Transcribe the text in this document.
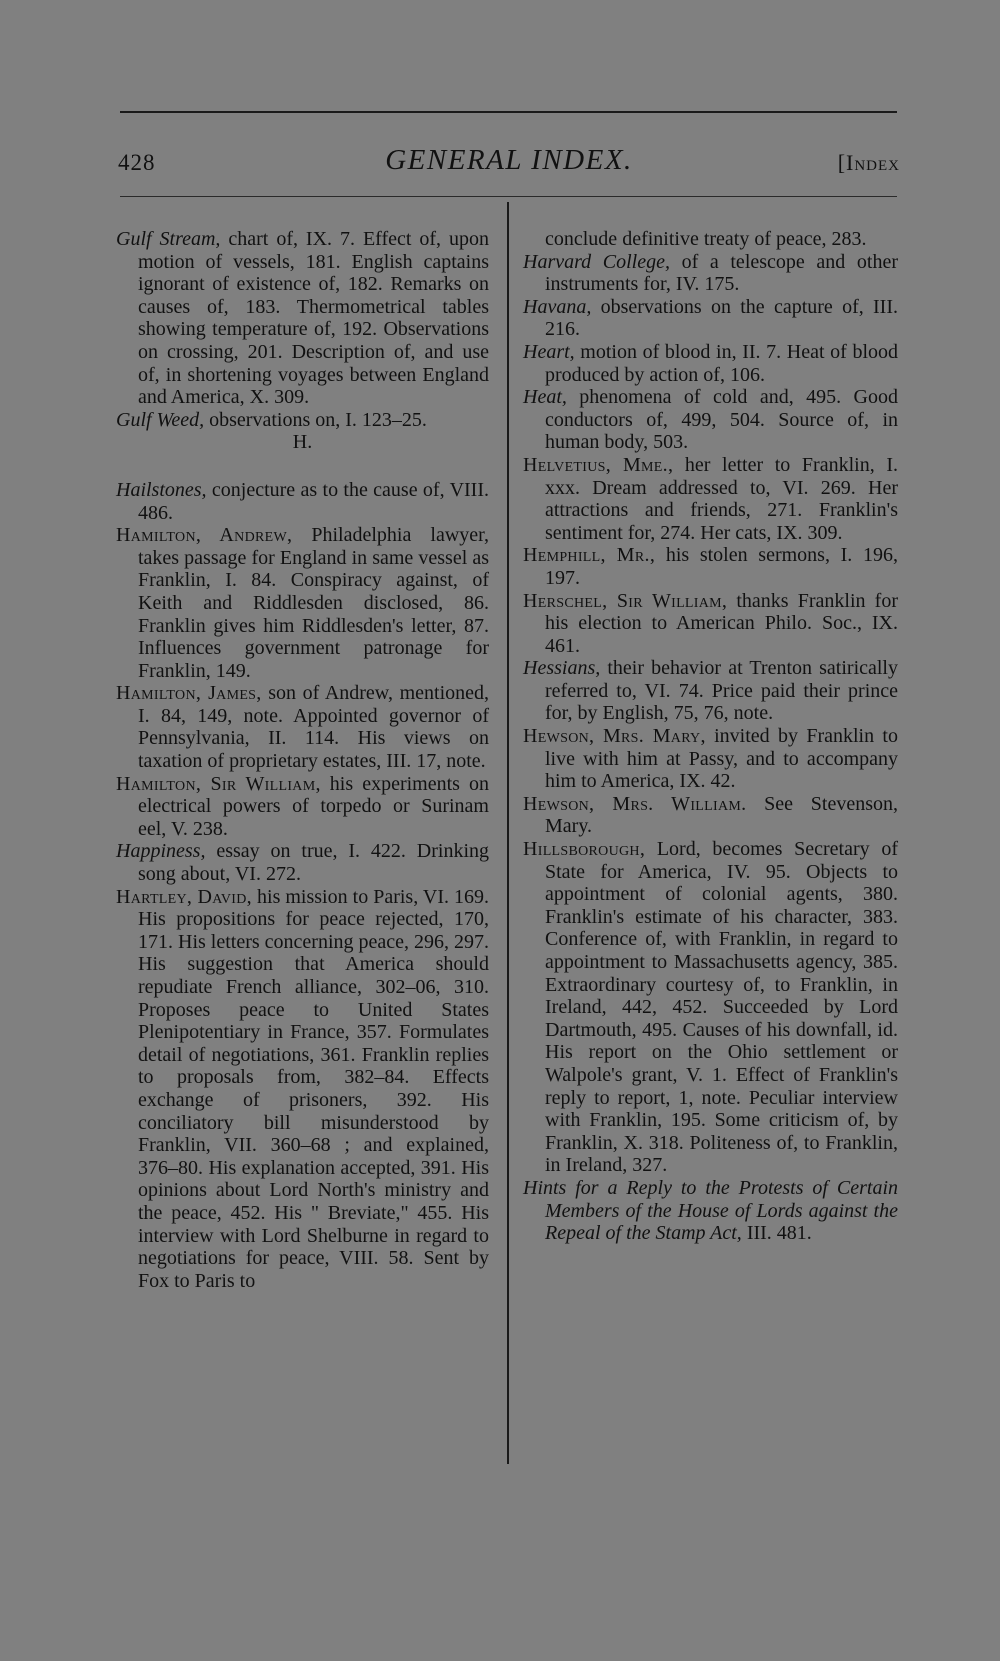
428	GENERAL INDEX.	[Index

Gulf Stream, chart of, IX. 7. Effect of, upon motion of vessels, 181. English captains ignorant of existence of, 182. Remarks on causes of, 183. Thermometrical tables showing temperature of, 192. Observations on crossing, 201. Description of, and use of, in shortening voyages between England and America, X. 309.

Gulf Weed, observations on, I. 123–25.

H.

Hailstones, conjecture as to the cause of, VIII. 486.

Hamilton, Andrew, Philadelphia lawyer, takes passage for England in same vessel as Franklin, I. 84. Conspiracy against, of Keith and Riddlesden disclosed, 86. Franklin gives him Riddlesden's letter, 87. Influences government patronage for Franklin, 149.

Hamilton, James, son of Andrew, mentioned, I. 84, 149, note. Appointed governor of Pennsylvania, II. 114. His views on taxation of proprietary estates, III. 17, note.

Hamilton, Sir William, his experiments on electrical powers of torpedo or Surinam eel, V. 238.

Happiness, essay on true, I. 422. Drinking song about, VI. 272.

Hartley, David, his mission to Paris, VI. 169. His propositions for peace rejected, 170, 171. His letters concerning peace, 296, 297. His suggestion that America should repudiate French alliance, 302–06, 310. Proposes peace to United States Plenipotentiary in France, 357. Formulates detail of negotiations, 361. Franklin replies to proposals from, 382–84. Effects exchange of prisoners, 392. His conciliatory bill misunderstood by Franklin, VII. 360–68 ; and explained, 376–80. His explanation accepted, 391. His opinions about Lord North's ministry and the peace, 452. His " Breviate," 455. His interview with Lord Shelburne in regard to negotiations for peace, VIII. 58. Sent by Fox to Paris to

conclude definitive treaty of peace, 283.

Harvard College, of a telescope and other instruments for, IV. 175.

Havana, observations on the capture of, III. 216.

Heart, motion of blood in, II. 7. Heat of blood produced by action of, 106.

Heat, phenomena of cold and, 495. Good conductors of, 499, 504. Source of, in human body, 503.

Helvetius, Mme., her letter to Franklin, I. xxx. Dream addressed to, VI. 269. Her attractions and friends, 271. Franklin's sentiment for, 274. Her cats, IX. 309.

Hemphill, Mr., his stolen sermons, I. 196, 197.

Herschel, Sir William, thanks Franklin for his election to American Philo. Soc., IX. 461.

Hessians, their behavior at Trenton satirically referred to, VI. 74. Price paid their prince for, by English, 75, 76, note.

Hewson, Mrs. Mary, invited by Franklin to live with him at Passy, and to accompany him to America, IX. 42.

Hewson, Mrs. William. See Stevenson, Mary.

Hillsborough, Lord, becomes Secretary of State for America, IV. 95. Objects to appointment of colonial agents, 380. Franklin's estimate of his character, 383. Conference of, with Franklin, in regard to appointment to Massachusetts agency, 385. Extraordinary courtesy of, to Franklin, in Ireland, 442, 452. Succeeded by Lord Dartmouth, 495. Causes of his downfall, id. His report on the Ohio settlement or Walpole's grant, V. 1. Effect of Franklin's reply to report, 1, note. Peculiar interview with Franklin, 195. Some criticism of, by Franklin, X. 318. Politeness of, to Franklin, in Ireland, 327.

Hints for a Reply to the Protests of Certain Members of the House of Lords against the Repeal of the Stamp Act, III. 481.
